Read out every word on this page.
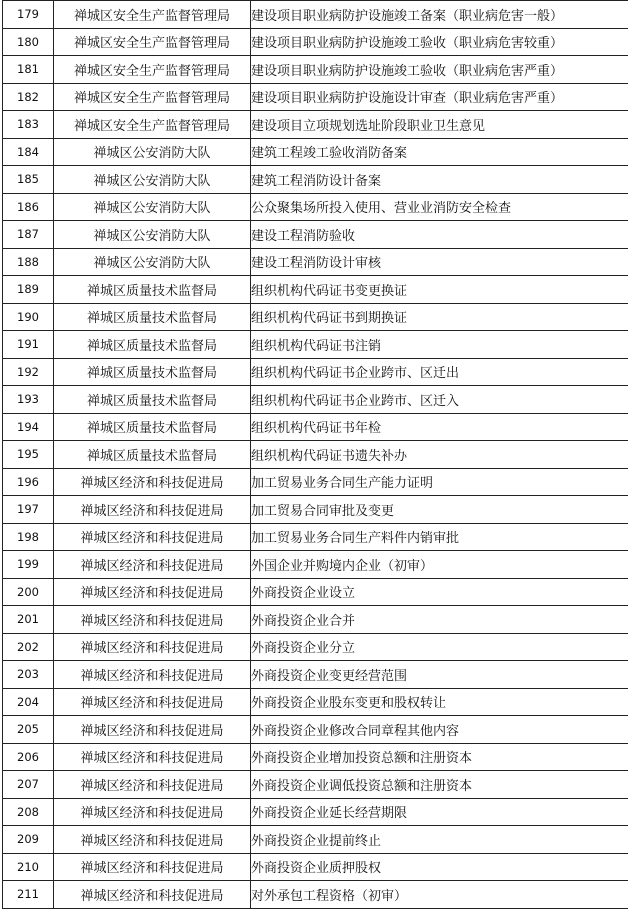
179	禅城区安全生产监督管理局	建设项目职业病防护设施竣工备案（职业病危害一般）
180	禅城区安全生产监督管理局	建设项目职业病防护设施竣工验收（职业病危害较重）
181	禅城区安全生产监督管理局	建设项目职业病防护设施竣工验收（职业病危害严重）
182	禅城区安全生产监督管理局	建设项目职业病防护设施设计审查（职业病危害严重）
183	禅城区安全生产监督管理局	建设项目立项规划选址阶段职业卫生意见
184	禅城区公安消防大队	建筑工程竣工验收消防备案
185	禅城区公安消防大队	建筑工程消防设计备案
186	禅城区公安消防大队	公众聚集场所投入使用、营业业消防安全检查
187	禅城区公安消防大队	建设工程消防验收
188	禅城区公安消防大队	建设工程消防设计审核
189	禅城区质量技术监督局	组织机构代码证书变更换证
190	禅城区质量技术监督局	组织机构代码证书到期换证
191	禅城区质量技术监督局	组织机构代码证书注销
192	禅城区质量技术监督局	组织机构代码证书企业跨市、区迁出
193	禅城区质量技术监督局	组织机构代码证书企业跨市、区迁入
194	禅城区质量技术监督局	组织机构代码证书年检
195	禅城区质量技术监督局	组织机构代码证书遗失补办
196	禅城区经济和科技促进局	加工贸易业务合同生产能力证明
197	禅城区经济和科技促进局	加工贸易合同审批及变更
198	禅城区经济和科技促进局	加工贸易业务合同生产料件内销审批
199	禅城区经济和科技促进局	外国企业并购境内企业（初审）
200	禅城区经济和科技促进局	外商投资企业设立
201	禅城区经济和科技促进局	外商投资企业合并
202	禅城区经济和科技促进局	外商投资企业分立
203	禅城区经济和科技促进局	外商投资企业变更经营范围
204	禅城区经济和科技促进局	外商投资企业股东变更和股权转让
205	禅城区经济和科技促进局	外商投资企业修改合同章程其他内容
206	禅城区经济和科技促进局	外商投资企业增加投资总额和注册资本
207	禅城区经济和科技促进局	外商投资企业调低投资总额和注册资本
208	禅城区经济和科技促进局	外商投资企业延长经营期限
209	禅城区经济和科技促进局	外商投资企业提前终止
210	禅城区经济和科技促进局	外商投资企业质押股权
211	禅城区经济和科技促进局	对外承包工程资格（初审）
